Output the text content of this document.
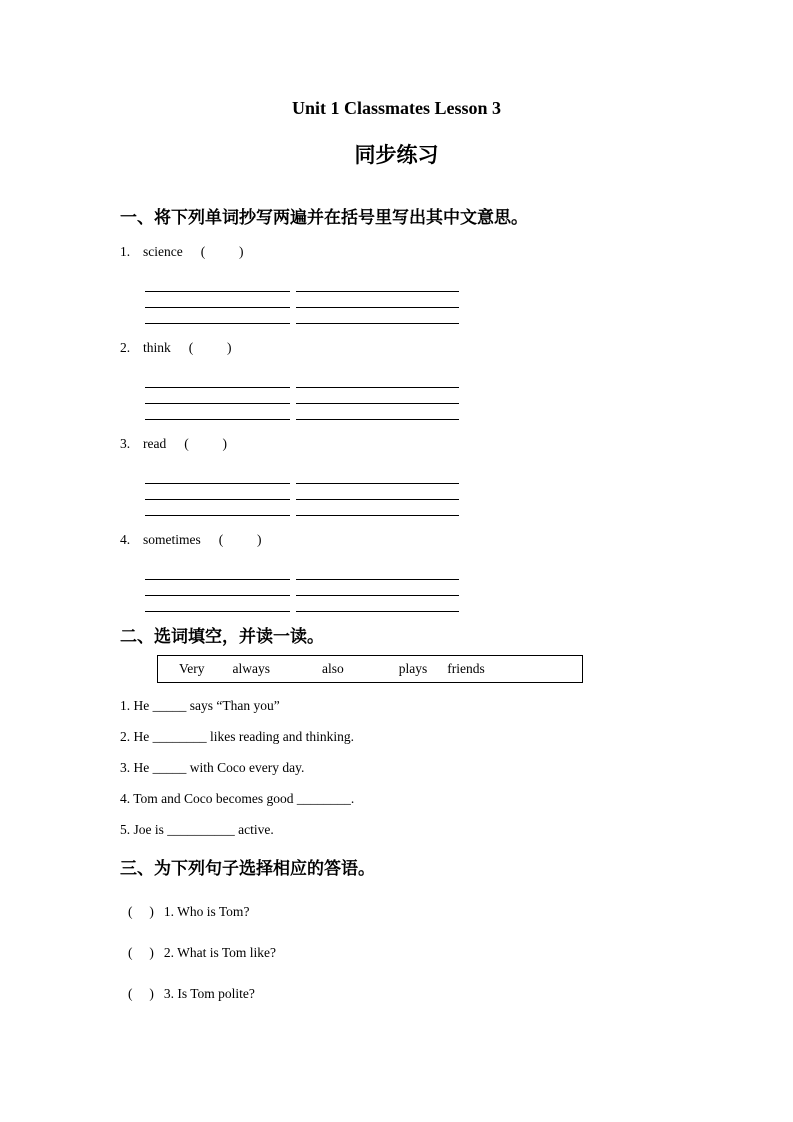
Unit 1 Classmates Lesson 3
同步练习
一、将下列单词抄写两遍并在括号里写出其中文意思。
1. science (          )
2. think (          )
3. read (          )
4. sometimes (          )
二、选词填空，并读一读。
Very always	also	plays friends
1. He _____ says “Than you”
2. He ________ likes reading and thinking.
3. He _____ with Coco every day.
4. Tom and Coco becomes good ________.
5. Joe is __________ active.
三、为下列句子选择相应的答语。
(     ) 1. Who is Tom?
(     ) 2. What is Tom like?
(     ) 3. Is Tom polite?
